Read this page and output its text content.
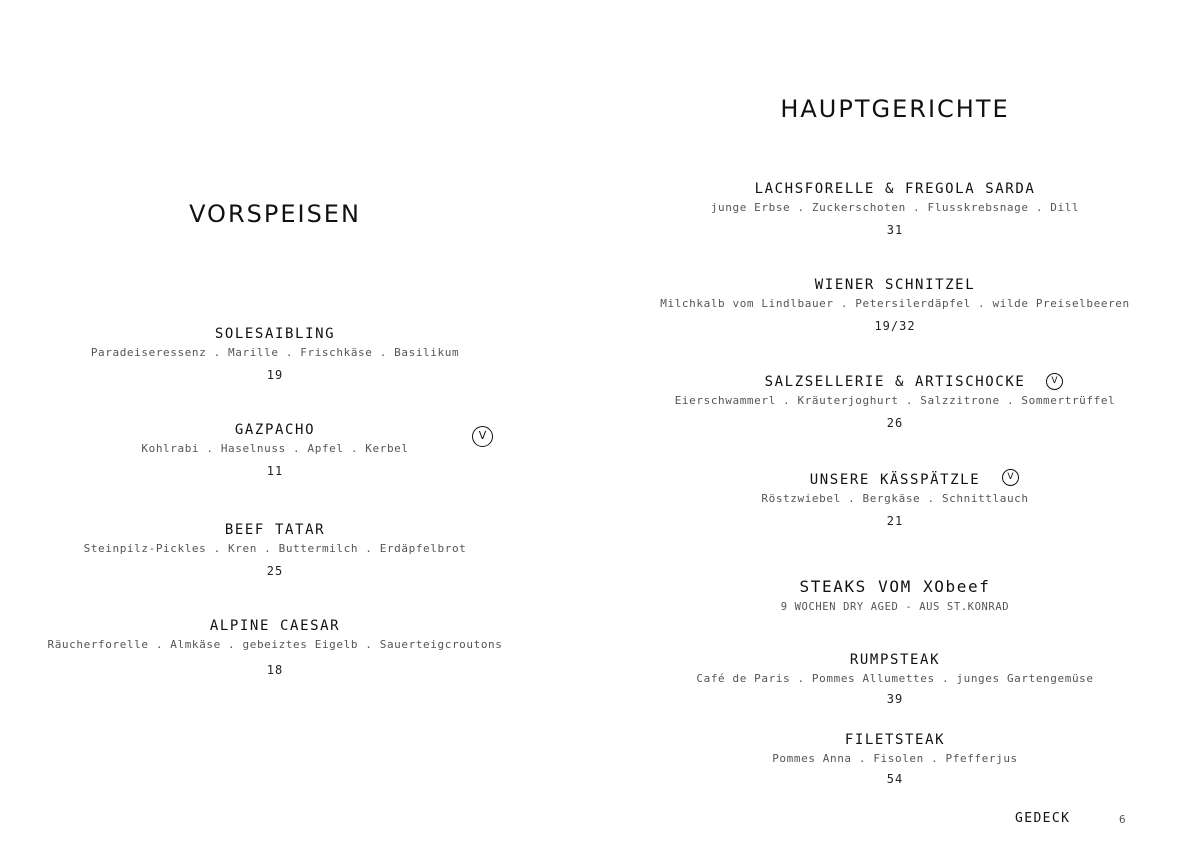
VORSPEISEN
SOLESAIBLING
Paradeiseressenz . Marille . Frischkäse . Basilikum
19
GAZPACHO
Kohlrabi . Haselnuss . Apfel . Kerbel
11
V
BEEF TATAR
Steinpilz-Pickles . Kren . Buttermilch . Erdäpfelbrot
25
ALPINE CAESAR
Räucherforelle . Almkäse . gebeiztes Eigelb . Sauerteigcroutons
18
HAUPTGERICHTE
LACHSFORELLE & FREGOLA SARDA
junge Erbse . Zuckerschoten . Flusskrebsnage . Dill
31
WIENER SCHNITZEL
Milchkalb vom Lindlbauer . Petersilerdäpfel . wilde Preiselbeeren
19/32
SALZSELLERIE & ARTISCHOCKE
Eierschwammerl . Kräuterjoghurt . Salzzitrone . Sommertrüffel
26
V
UNSERE KÄSSPÄTZLE
Röstzwiebel . Bergkäse . Schnittlauch
21
V
STEAKS VOM XObeef
9 WOCHEN DRY AGED - AUS ST.KONRAD
RUMPSTEAK
Café de Paris . Pommes Allumettes . junges Gartengemüse
39
FILETSTEAK
Pommes Anna . Fisolen . Pfefferjus
54
GEDECK	6
